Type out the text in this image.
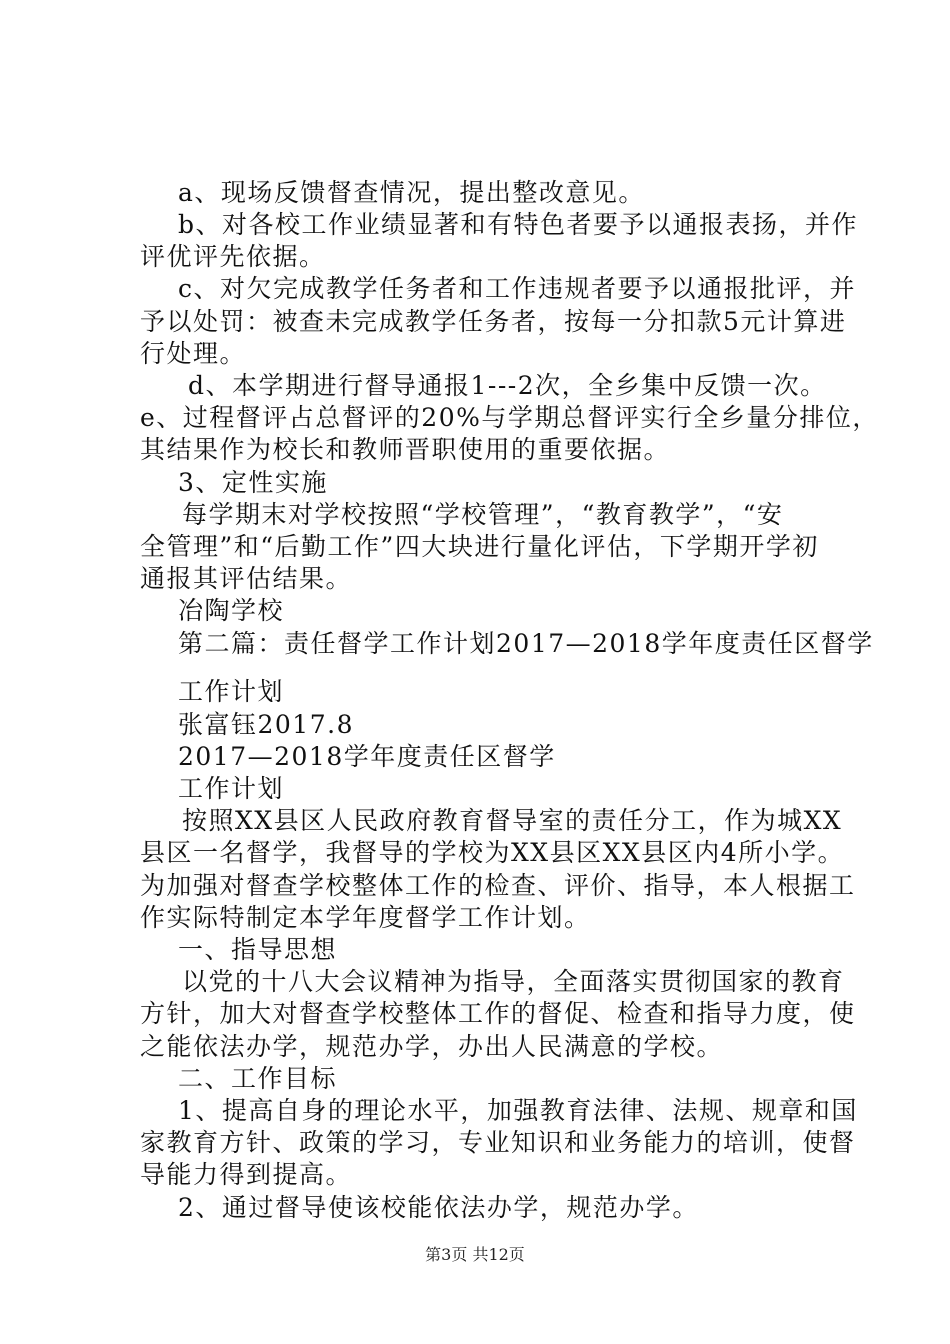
a、现场反馈督查情况，提出整改意见。
b、对各校工作业绩显著和有特色者要予以通报表扬，并作
评优评先依据。
c、对欠完成教学任务者和工作违规者要予以通报批评，并
予以处罚：被查未完成教学任务者，按每一分扣款5元计算进
行处理。
d、本学期进行督导通报1---2次，全乡集中反馈一次。
e、过程督评占总督评的20%与学期总督评实行全乡量分排位，
其结果作为校长和教师晋职使用的重要依据。
3、定性实施
每学期末对学校按照“学校管理”，“教育教学”，“安
全管理”和“后勤工作”四大块进行量化评估，下学期开学初
通报其评估结果。
冶陶学校
第二篇：责任督学工作计划2017—2018学年度责任区督学
工作计划
张富钰2017.8
2017—2018学年度责任区督学
工作计划
按照XX县区人民政府教育督导室的责任分工，作为城XX
县区一名督学，我督导的学校为XX县区XX县区内4所小学。
为加强对督查学校整体工作的检查、评价、指导，本人根据工
作实际特制定本学年度督学工作计划。
一、指导思想
以党的十八大会议精神为指导，全面落实贯彻国家的教育
方针，加大对督查学校整体工作的督促、检查和指导力度，使
之能依法办学，规范办学，办出人民满意的学校。
二、工作目标
1、提高自身的理论水平，加强教育法律、法规、规章和国
家教育方针、政策的学习，专业知识和业务能力的培训，使督
导能力得到提高。
2、通过督导使该校能依法办学，规范办学。
第3页 共12页
